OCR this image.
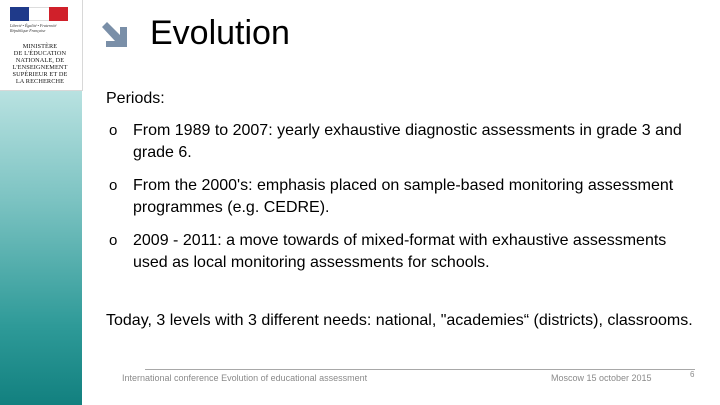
Liberté • Égalité • Fraternité
République Française
MINISTÈRE
DE L'ÉDUCATION
NATIONALE, DE
L'ENSEIGNEMENT
SUPÉRIEUR ET DE
LA RECHERCHE
Evolution
Periods:
o From 1989 to 2007: yearly exhaustive diagnostic assessments in grade 3 and grade 6.
o From the 2000's: emphasis placed on sample-based monitoring assessment programmes (e.g. CEDRE).
o 2009 - 2011: a move towards of mixed-format with exhaustive assessments used as local monitoring assessments for schools.
Today, 3 levels with 3 different needs: national, "academies“ (districts), classrooms.
International conference Evolution of educational assessment	Moscow 15 october 2015	6
